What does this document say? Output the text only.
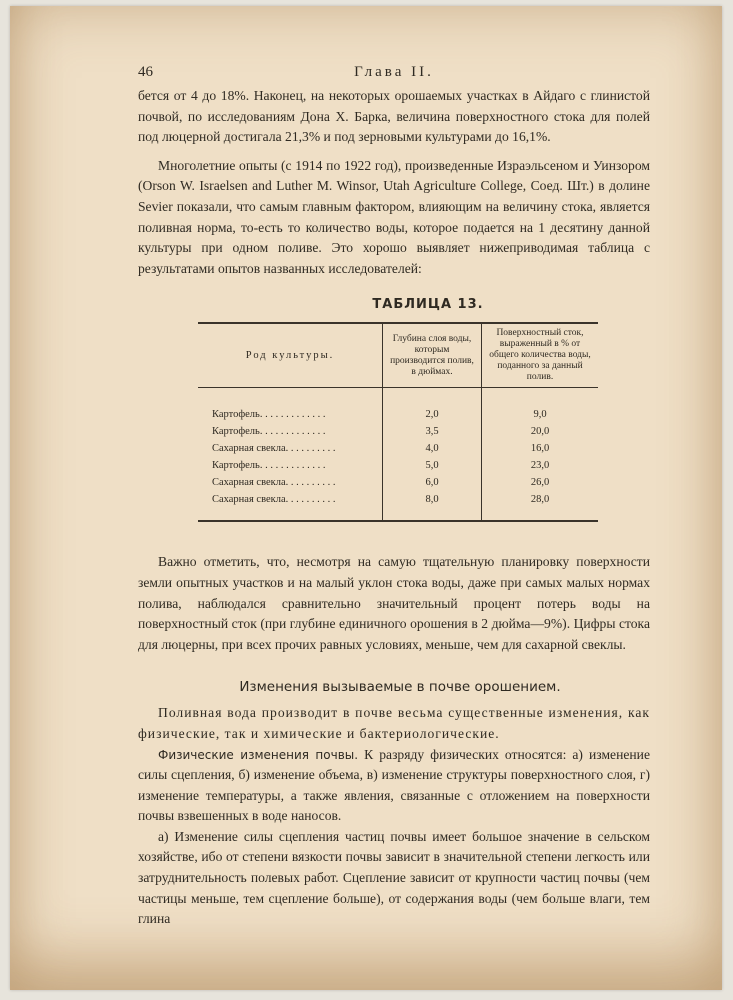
46	Глава II.

бется от 4 до 18%. Наконец, на некоторых орошаемых участках в Айдаго с глинистой почвой, по исследованиям Дона X. Барка, величина поверхностного стока для полей под люцерной достигала 21,3% и под зерновыми культурами до 16,1%.

Многолетние опыты (с 1914 по 1922 год), произведенные Израэльсеном и Уинзором (Orson W. Israelsen and Luther M. Winsor, Utah Agriculture College, Соед. Шт.) в долине Sevier показали, что самым главным фактором, влияющим на величину стока, является поливная норма, то-есть то количество воды, которое подается на 1 десятину данной культуры при одном поливе. Это хорошо выявляет нижеприводимая таблица с результатами опытов названных исследователей:

ТАБЛИЦА 13.
Род культуры.	Глубина слоя воды, которым производится полив, в дюймах.	Поверхностный сток, выраженный в % от общего количества воды, поданного за данный полив.

Картофель. . . . . . . . . . . . .	2,0	9,0
Картофель. . . . . . . . . . . . .	3,5	20,0
Сахарная свекла. . . . . . . . . .	4,0	16,0
Картофель. . . . . . . . . . . . .	5,0	23,0
Сахарная свекла. . . . . . . . . .	6,0	26,0
Сахарная свекла. . . . . . . . . .	8,0	28,0

Важно отметить, что, несмотря на самую тщательную планировку поверхности земли опытных участков и на малый уклон стока воды, даже при самых малых нормах полива, наблюдался сравнительно значительный процент потерь воды на поверхностный сток (при глубине единичного орошения в 2 дюйма—9%). Цифры стока для люцерны, при всех прочих равных условиях, меньше, чем для сахарной свеклы.

Изменения вызываемые в почве орошением.

Поливная вода производит в почве весьма существенные изменения, как физические, так и химические и бактериологические.

Физические изменения почвы. К разряду физических относятся: а) изменение силы сцепления, б) изменение объема, в) изменение структуры поверхностного слоя, г) изменение температуры, а также явления, связанные с отложением на поверхности почвы взвешенных в воде наносов.

а) Изменение силы сцепления частиц почвы имеет большое значение в сельском хозяйстве, ибо от степени вязкости почвы зависит в значительной степени легкость или затруднительность полевых работ. Сцепление зависит от крупности частиц почвы (чем частицы меньше, тем сцепление больше), от содержания воды (чем больше влаги, тем глина
